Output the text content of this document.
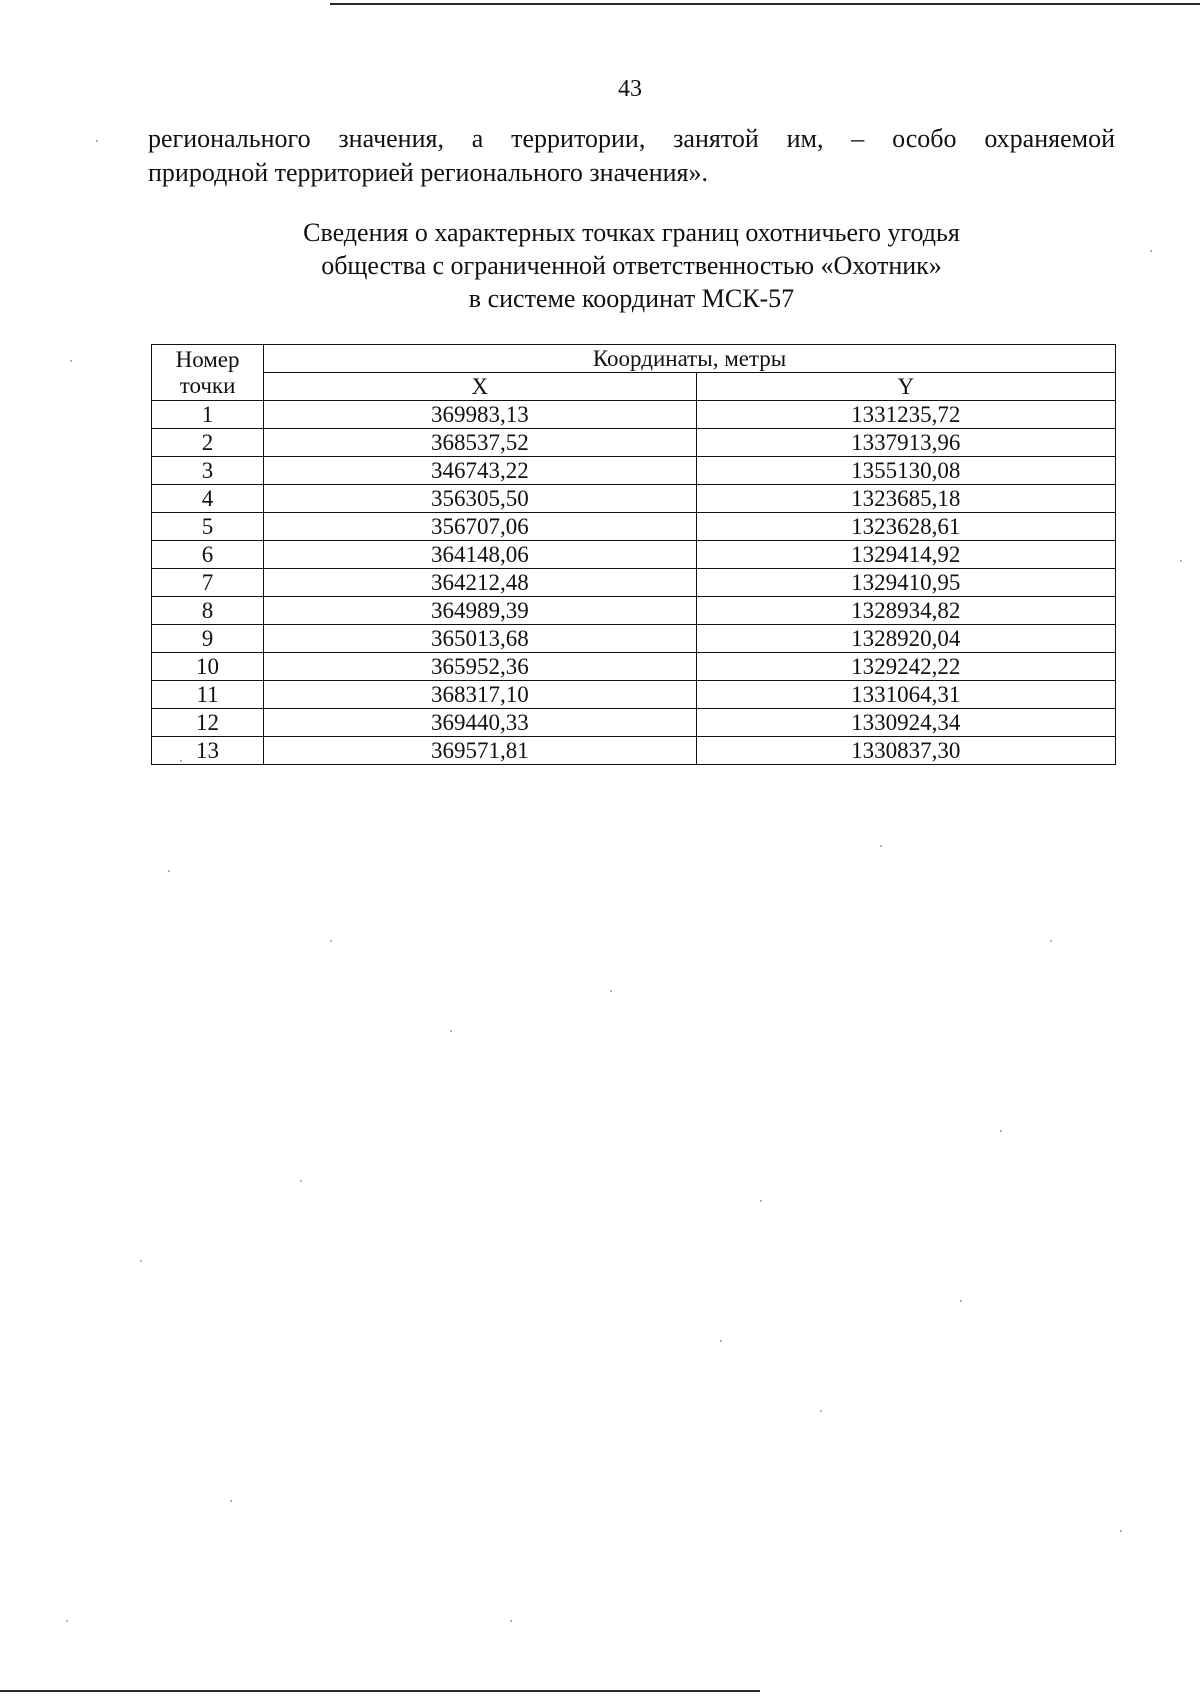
43
регионального значения, а территории, занятой им, – особо охраняемой
природной территорией регионального значения».
Сведения о характерных точках границ охотничьего угодья
общества с ограниченной ответственностью «Охотник»
в системе координат МСК-57
Номер
точки	Координаты, метры	
	X	Y
1	369983,13	1331235,72
2	368537,52	1337913,96
3	346743,22	1355130,08
4	356305,50	1323685,18
5	356707,06	1323628,61
6	364148,06	1329414,92
7	364212,48	1329410,95
8	364989,39	1328934,82
9	365013,68	1328920,04
10	365952,36	1329242,22
11	368317,10	1331064,31
12	369440,33	1330924,34
13	369571,81	1330837,30
